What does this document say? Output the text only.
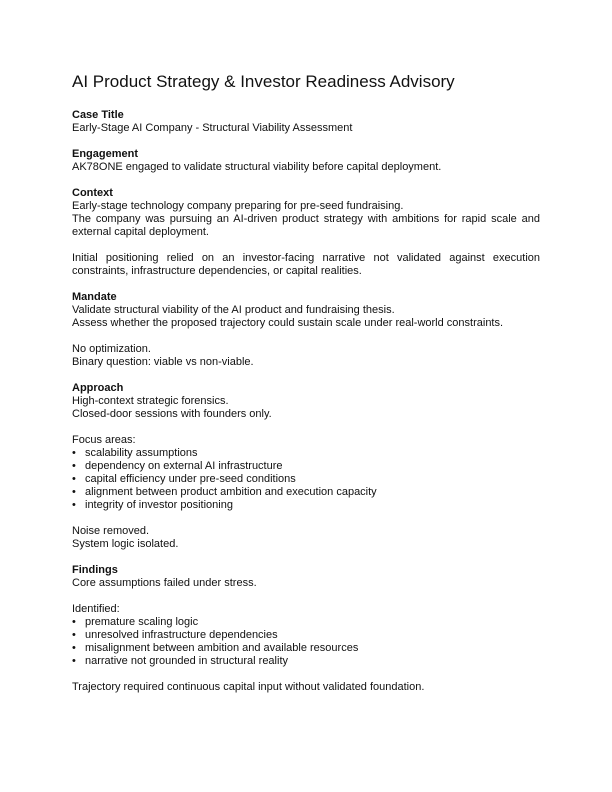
AI Product Strategy & Investor Readiness Advisory

Case Title

Early-Stage AI Company - Structural Viability Assessment

Engagement

AK78ONE engaged to validate structural viability before capital deployment.

Context

Early-stage technology company preparing for pre-seed fundraising.

The company was pursuing an AI-driven product strategy with ambitions for rapid scale and external capital deployment.

Initial positioning relied on an investor-facing narrative not validated against execution constraints, infrastructure dependencies, or capital realities.

Mandate

Validate structural viability of the AI product and fundraising thesis.

Assess whether the proposed trajectory could sustain scale under real-world constraints.

No optimization.

Binary question: viable vs non-viable.

Approach

High-context strategic forensics.

Closed-door sessions with founders only.

Focus areas:

• scalability assumptions
• dependency on external AI infrastructure
• capital efficiency under pre-seed conditions
• alignment between product ambition and execution capacity
• integrity of investor positioning

Noise removed.

System logic isolated.

Findings

Core assumptions failed under stress.

Identified:

• premature scaling logic
• unresolved infrastructure dependencies
• misalignment between ambition and available resources
• narrative not grounded in structural reality

Trajectory required continuous capital input without validated foundation.
